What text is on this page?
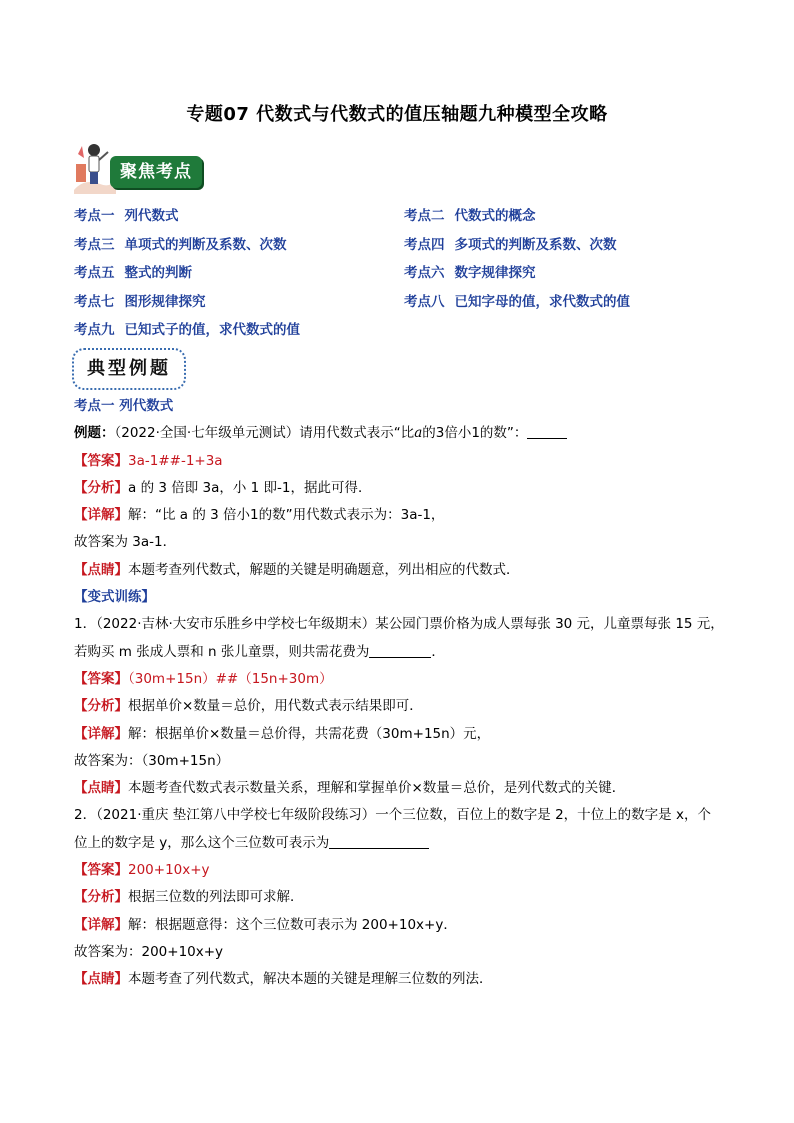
专题07 代数式与代数式的值压轴题九种模型全攻略
聚焦考点
考点一 列代数式	考点二 代数式的概念
考点三 单项式的判断及系数、次数	考点四 多项式的判断及系数、次数
考点五 整式的判断	考点六 数字规律探究
考点七 图形规律探究	考点八 已知字母的值，求代数式的值
考点九 已知式子的值，求代数式的值
典型例题
考点一 列代数式
例题：（2022·全国·七年级单元测试）请用代数式表示“比a的3倍小1的数”：
【答案】3a-1##-1+3a
【分析】a 的 3 倍即 3a，小 1 即-1，据此可得．
【详解】解：“比 a 的 3 倍小1的数”用代数式表示为：3a-1，
故答案为 3a-1．
【点睛】本题考查列代数式，解题的关键是明确题意，列出相应的代数式．
【变式训练】
1．（2022·吉林·大安市乐胜乡中学校七年级期末）某公园门票价格为成人票每张 30 元，儿童票每张 15 元，
若购买 m 张成人票和 n 张儿童票，则共需花费为	．
【答案】（30m+15n）##（15n+30m）
【分析】根据单价×数量＝总价，用代数式表示结果即可．
【详解】解：根据单价×数量＝总价得，共需花费（30m+15n）元，
故答案为：（30m+15n）
【点睛】本题考查代数式表示数量关系，理解和掌握单价×数量＝总价，是列代数式的关键．
2．（2021·重庆 垫江第八中学校七年级阶段练习）一个三位数，百位上的数字是 2，十位上的数字是 x，个
位上的数字是 y，那么这个三位数可表示为
【答案】200+10x+y
【分析】根据三位数的列法即可求解．
【详解】解：根据题意得：这个三位数可表示为 200+10x+y．
故答案为：200+10x+y
【点睛】本题考查了列代数式，解决本题的关键是理解三位数的列法．
